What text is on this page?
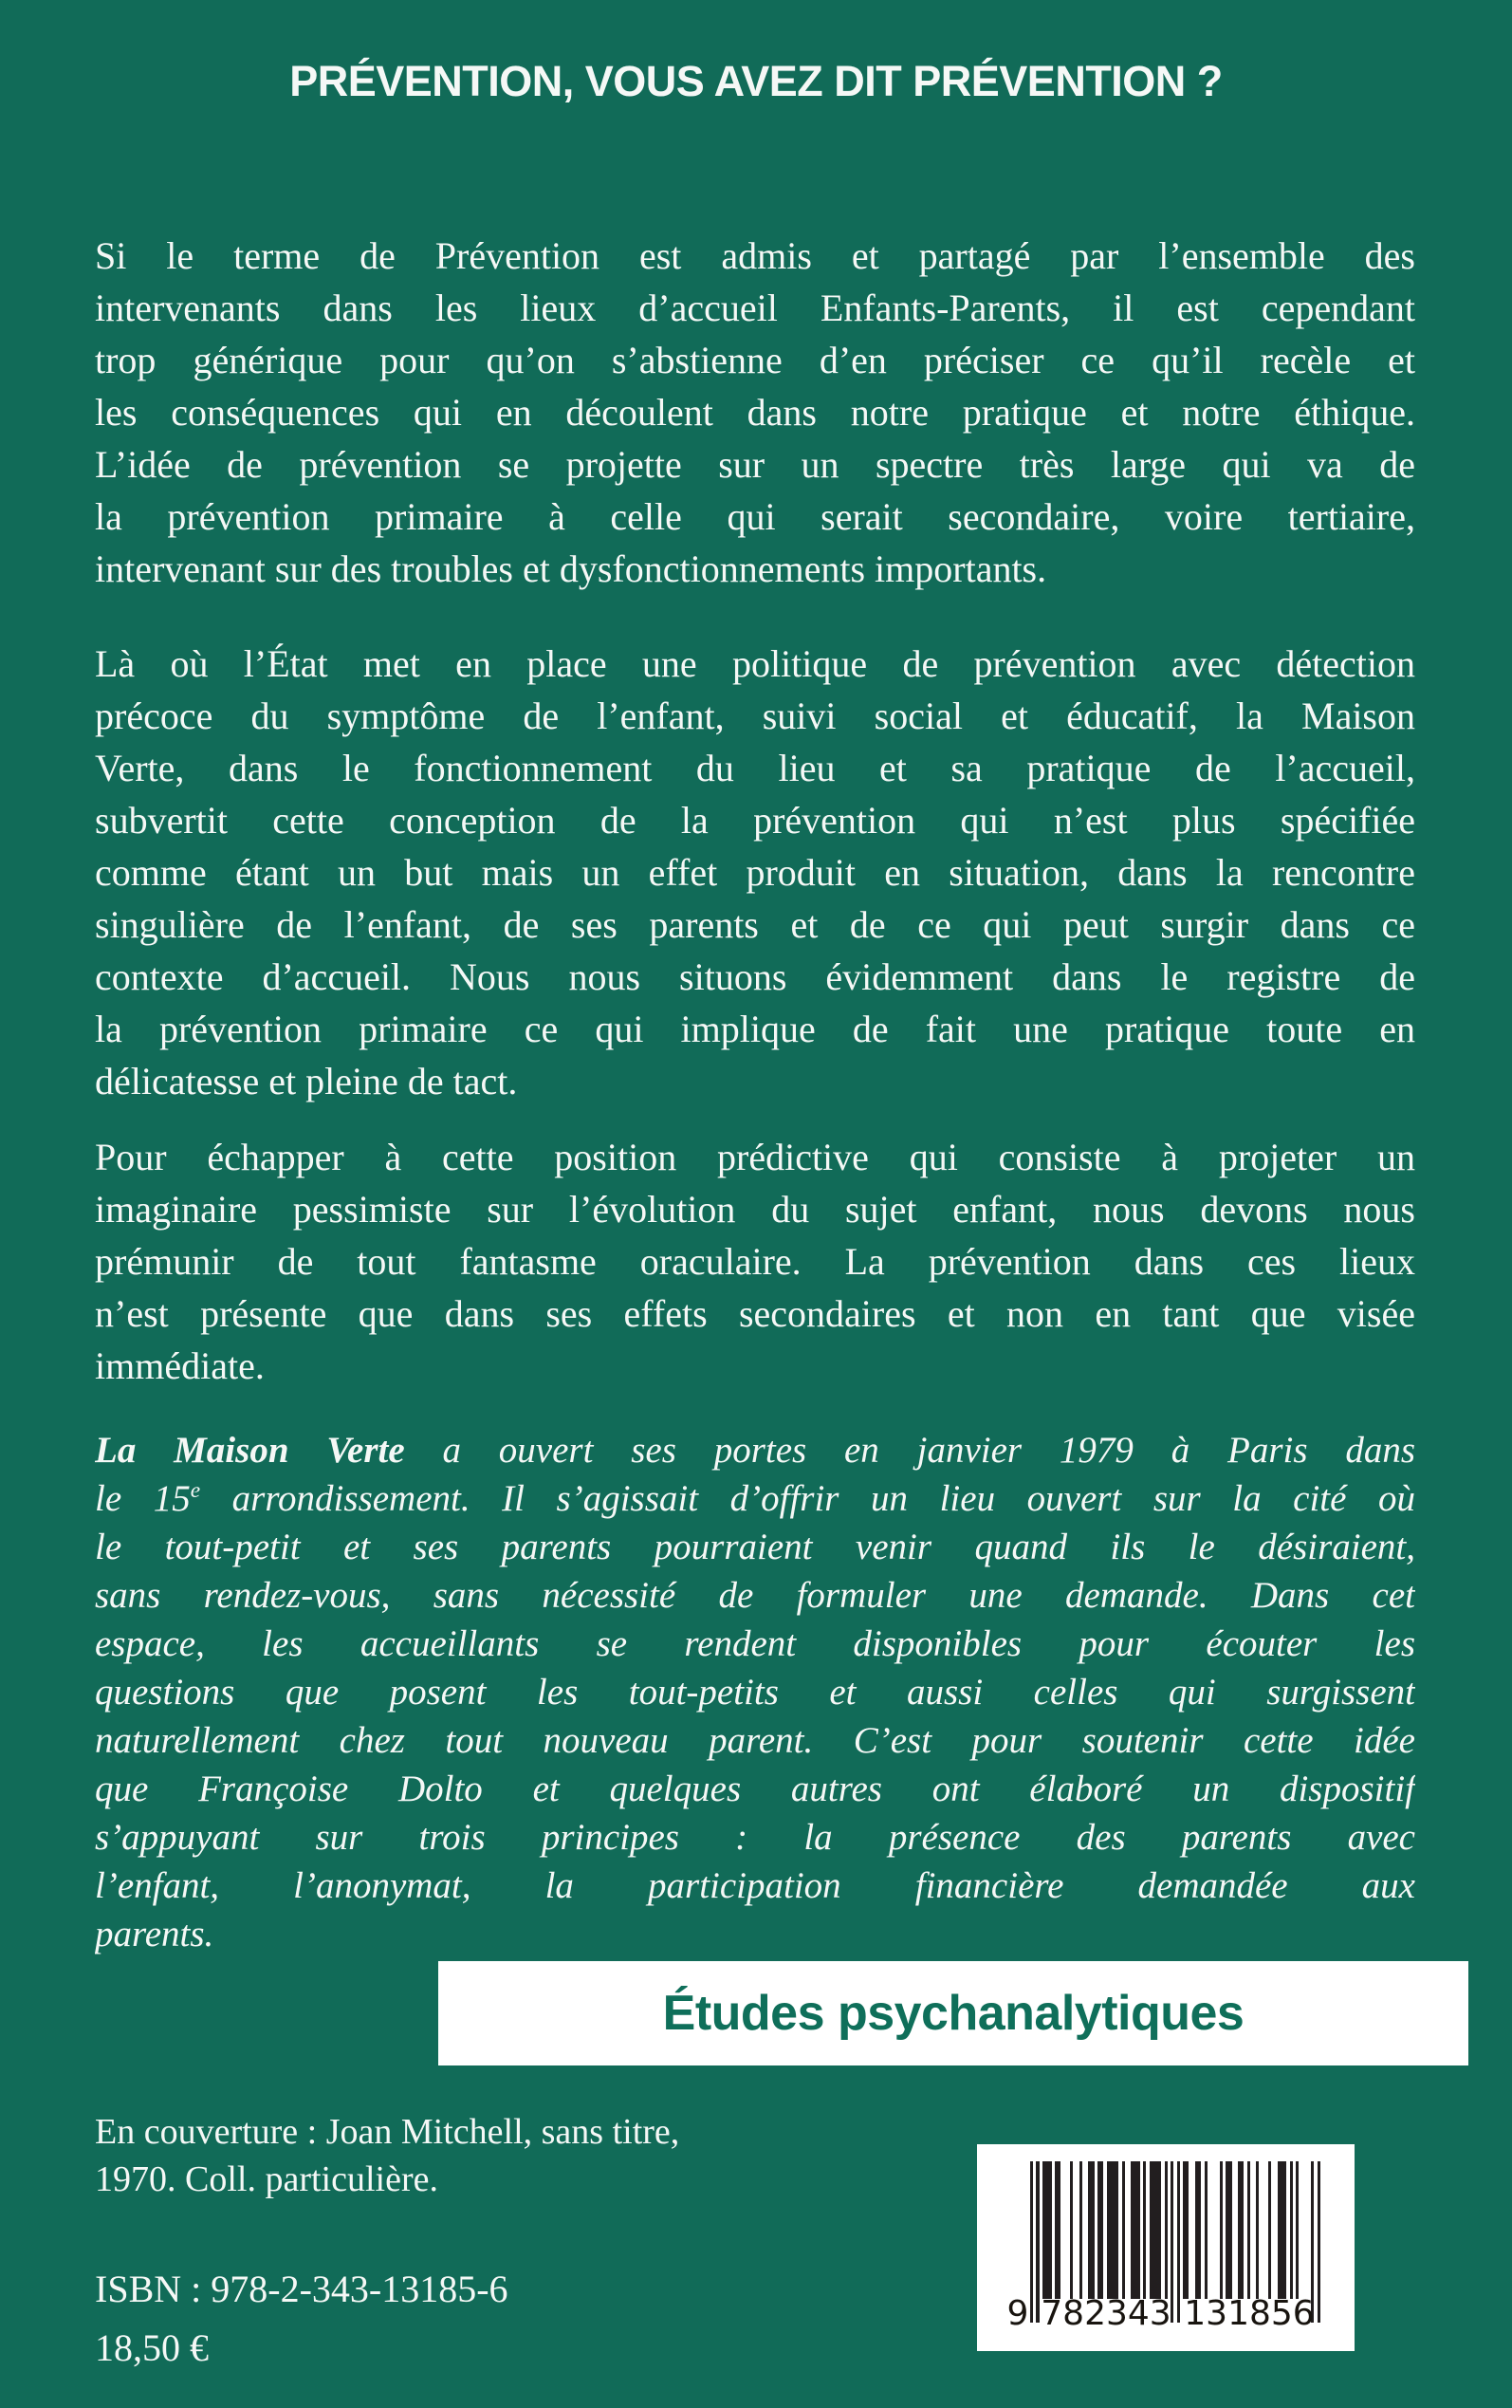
PRÉVENTION, VOUS AVEZ DIT PRÉVENTION ?
Si le terme de Prévention est admis et partagé par l’ensemble des
intervenants dans les lieux d’accueil Enfants-Parents, il est cependant
trop générique pour qu’on s’abstienne d’en préciser ce qu’il recèle et
les conséquences qui en découlent dans notre pratique et notre éthique.
L’idée de prévention se projette sur un spectre très large qui va de
la prévention primaire à celle qui serait secondaire, voire tertiaire,
intervenant sur des troubles et dysfonctionnements importants.
Là où l’État met en place une politique de prévention avec détection
précoce du symptôme de l’enfant, suivi social et éducatif, la Maison
Verte, dans le fonctionnement du lieu et sa pratique de l’accueil,
subvertit cette conception de la prévention qui n’est plus spécifiée
comme étant un but mais un effet produit en situation, dans la rencontre
singulière de l’enfant, de ses parents et de ce qui peut surgir dans ce
contexte d’accueil. Nous nous situons évidemment dans le registre de
la prévention primaire ce qui implique de fait une pratique toute en
délicatesse et pleine de tact.
Pour échapper à cette position prédictive qui consiste à projeter un
imaginaire pessimiste sur l’évolution du sujet enfant, nous devons nous
prémunir de tout fantasme oraculaire. La prévention dans ces lieux
n’est présente que dans ses effets secondaires et non en tant que visée
immédiate.
La Maison Verte a ouvert ses portes en janvier 1979 à Paris dans
le 15e arrondissement. Il s’agissait d’offrir un lieu ouvert sur la cité où
le tout-petit et ses parents pourraient venir quand ils le désiraient,
sans rendez-vous, sans nécessité de formuler une demande. Dans cet
espace, les accueillants se rendent disponibles pour écouter les
questions que posent les tout-petits et aussi celles qui surgissent
naturellement chez tout nouveau parent. C’est pour soutenir cette idée
que Françoise Dolto et quelques autres ont élaboré un dispositif
s’appuyant sur trois principes : la présence des parents avec
l’enfant, l’anonymat, la participation financière demandée aux
parents.
Études psychanalytiques
En couverture : Joan Mitchell, sans titre,
1970. Coll. particulière.
ISBN : 978-2-343-13185-6
18,50 €
9 782343 131856
